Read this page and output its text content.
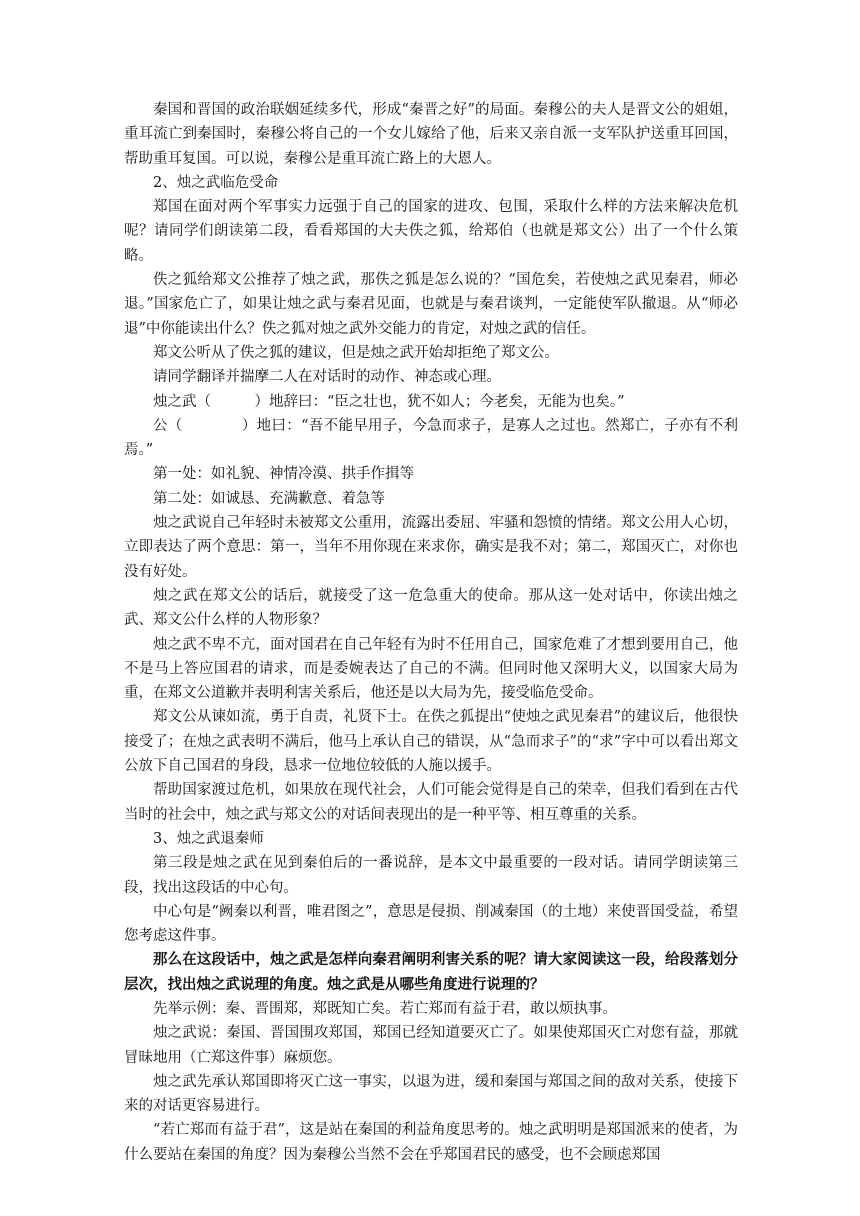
秦国和晋国的政治联姻延续多代，形成“秦晋之好”的局面。秦穆公的夫人是晋文公的姐姐，重耳流亡到秦国时，秦穆公将自己的一个女儿嫁给了他，后来又亲自派一支军队护送重耳回国，帮助重耳复国。可以说，秦穆公是重耳流亡路上的大恩人。

2、烛之武临危受命

郑国在面对两个军事实力远强于自己的国家的进攻、包围，采取什么样的方法来解决危机呢？请同学们朗读第二段，看看郑国的大夫佚之狐，给郑伯（也就是郑文公）出了一个什么策略。

佚之狐给郑文公推荐了烛之武，那佚之狐是怎么说的？“国危矣，若使烛之武见秦君，师必退。”国家危亡了，如果让烛之武与秦君见面，也就是与秦君谈判，一定能使军队撤退。从“师必退”中你能读出什么？佚之狐对烛之武外交能力的肯定，对烛之武的信任。

郑文公听从了佚之狐的建议，但是烛之武开始却拒绝了郑文公。

请同学翻译并揣摩二人在对话时的动作、神态或心理。

烛之武（　　　）地辞曰：“臣之壮也，犹不如人；今老矣，无能为也矣。”

公（　　　　）地曰：“吾不能早用子，今急而求子，是寡人之过也。然郑亡，子亦有不利焉。”

第一处：如礼貌、神情冷漠、拱手作揖等

第二处：如诚恳、充满歉意、着急等

烛之武说自己年轻时未被郑文公重用，流露出委屈、牢骚和怨愤的情绪。郑文公用人心切，立即表达了两个意思：第一，当年不用你现在来求你，确实是我不对；第二，郑国灭亡，对你也没有好处。

烛之武在郑文公的话后，就接受了这一危急重大的使命。那从这一处对话中，你读出烛之武、郑文公什么样的人物形象？

烛之武不卑不亢，面对国君在自己年轻有为时不任用自己，国家危难了才想到要用自己，他不是马上答应国君的请求，而是委婉表达了自己的不满。但同时他又深明大义，以国家大局为重，在郑文公道歉并表明利害关系后，他还是以大局为先，接受临危受命。

郑文公从谏如流，勇于自责，礼贤下士。在佚之狐提出“使烛之武见秦君”的建议后，他很快接受了；在烛之武表明不满后，他马上承认自己的错误，从“急而求子”的“求”字中可以看出郑文公放下自己国君的身段，恳求一位地位较低的人施以援手。

帮助国家渡过危机，如果放在现代社会，人们可能会觉得是自己的荣幸，但我们看到在古代当时的社会中，烛之武与郑文公的对话间表现出的是一种平等、相互尊重的关系。

3、烛之武退秦师

第三段是烛之武在见到秦伯后的一番说辞，是本文中最重要的一段对话。请同学朗读第三段，找出这段话的中心句。

中心句是“阙秦以利晋，唯君图之”，意思是侵损、削减秦国（的土地）来使晋国受益，希望您考虑这件事。

那么在这段话中，烛之武是怎样向秦君阐明利害关系的呢？请大家阅读这一段，给段落划分层次，找出烛之武说理的角度。烛之武是从哪些角度进行说理的？

先举示例：秦、晋围郑，郑既知亡矣。若亡郑而有益于君，敢以烦执事。

烛之武说：秦国、晋国围攻郑国，郑国已经知道要灭亡了。如果使郑国灭亡对您有益，那就冒昧地用（亡郑这件事）麻烦您。

烛之武先承认郑国即将灭亡这一事实，以退为进，缓和秦国与郑国之间的敌对关系，使接下来的对话更容易进行。

“若亡郑而有益于君”，这是站在秦国的利益角度思考的。烛之武明明是郑国派来的使者，为什么要站在秦国的角度？因为秦穆公当然不会在乎郑国君民的感受，也不会顾虑郑国
